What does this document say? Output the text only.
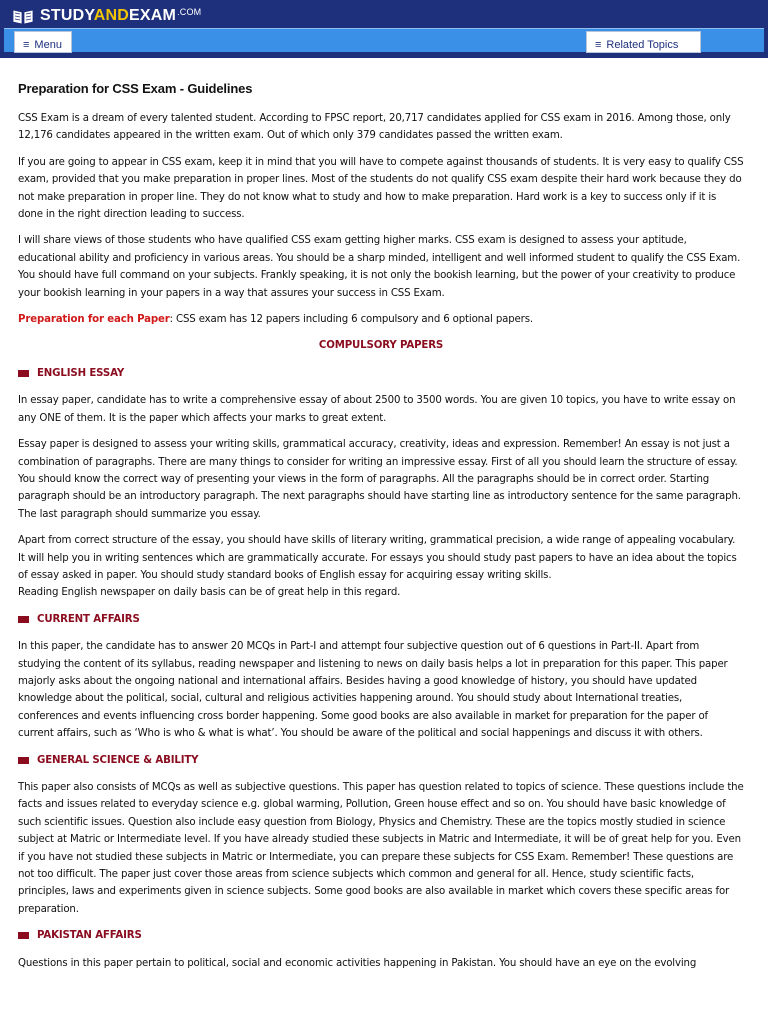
$STUDYANDEXAM^{.COM}$
≡ Menu	≡ Related Topics
Preparation for CSS Exam - Guidelines

CSS Exam is a dream of every talented student. According to FPSC report, 20,717 candidates applied for CSS exam in 2016. Among those, only 12,176 candidates appeared in the written exam. Out of which only 379 candidates passed the written exam.

If you are going to appear in CSS exam, keep it in mind that you will have to compete against thousands of students. It is very easy to qualify CSS exam, provided that you make preparation in proper lines. Most of the students do not qualify CSS exam despite their hard work because they do not make preparation in proper line. They do not know what to study and how to make preparation. Hard work is a key to success only if it is done in the right direction leading to success.

I will share views of those students who have qualified CSS exam getting higher marks. CSS exam is designed to assess your aptitude, educational ability and proficiency in various areas. You should be a sharp minded, intelligent and well informed student to qualify the CSS Exam. You should have full command on your subjects. Frankly speaking, it is not only the bookish learning, but the power of your creativity to produce your bookish learning in your papers in a way that assures your success in CSS Exam.

Preparation for each Paper: CSS exam has 12 papers including 6 compulsory and 6 optional papers.

COMPULSORY PAPERS
ENGLISH ESSAY

In essay paper, candidate has to write a comprehensive essay of about 2500 to 3500 words. You are given 10 topics, you have to write essay on any ONE of them. It is the paper which affects your marks to great extent.

Essay paper is designed to assess your writing skills, grammatical accuracy, creativity, ideas and expression. Remember! An essay is not just a combination of paragraphs. There are many things to consider for writing an impressive essay. First of all you should learn the structure of essay. You should know the correct way of presenting your views in the form of paragraphs. All the paragraphs should be in correct order. Starting paragraph should be an introductory paragraph. The next paragraphs should have starting line as introductory sentence for the same paragraph. The last paragraph should summarize you essay.

Apart from correct structure of the essay, you should have skills of literary writing, grammatical precision, a wide range of appealing vocabulary. It will help you in writing sentences which are grammatically accurate. For essays you should study past papers to have an idea about the topics of essay asked in paper. You should study standard books of English essay for acquiring essay writing skills.

Reading English newspaper on daily basis can be of great help in this regard.

CURRENT AFFAIRS

In this paper, the candidate has to answer 20 MCQs in Part-I and attempt four subjective question out of 6 questions in Part-II. Apart from studying the content of its syllabus, reading newspaper and listening to news on daily basis helps a lot in preparation for this paper. This paper majorly asks about the ongoing national and international affairs. Besides having a good knowledge of history, you should have updated knowledge about the political, social, cultural and religious activities happening around. You should study about International treaties, conferences and events influencing cross border happening. Some good books are also available in market for preparation for the paper of current affairs, such as ‘Who is who & what is what’. You should be aware of the political and social happenings and discuss it with others.

GENERAL SCIENCE & ABILITY

This paper also consists of MCQs as well as subjective questions. This paper has question related to topics of science. These questions include the facts and issues related to everyday science e.g. global warming, Pollution, Green house effect and so on. You should have basic knowledge of such scientific issues. Question also include easy question from Biology, Physics and Chemistry. These are the topics mostly studied in science subject at Matric or Intermediate level. If you have already studied these subjects in Matric and Intermediate, it will be of great help for you. Even if you have not studied these subjects in Matric or Intermediate, you can prepare these subjects for CSS Exam. Remember! These questions are not too difficult. The paper just cover those areas from science subjects which common and general for all. Hence, study scientific facts, principles, laws and experiments given in science subjects. Some good books are also available in market which covers these specific areas for preparation.

PAKISTAN AFFAIRS

Questions in this paper pertain to political, social and economic activities happening in Pakistan. You should have an eye on the evolving
